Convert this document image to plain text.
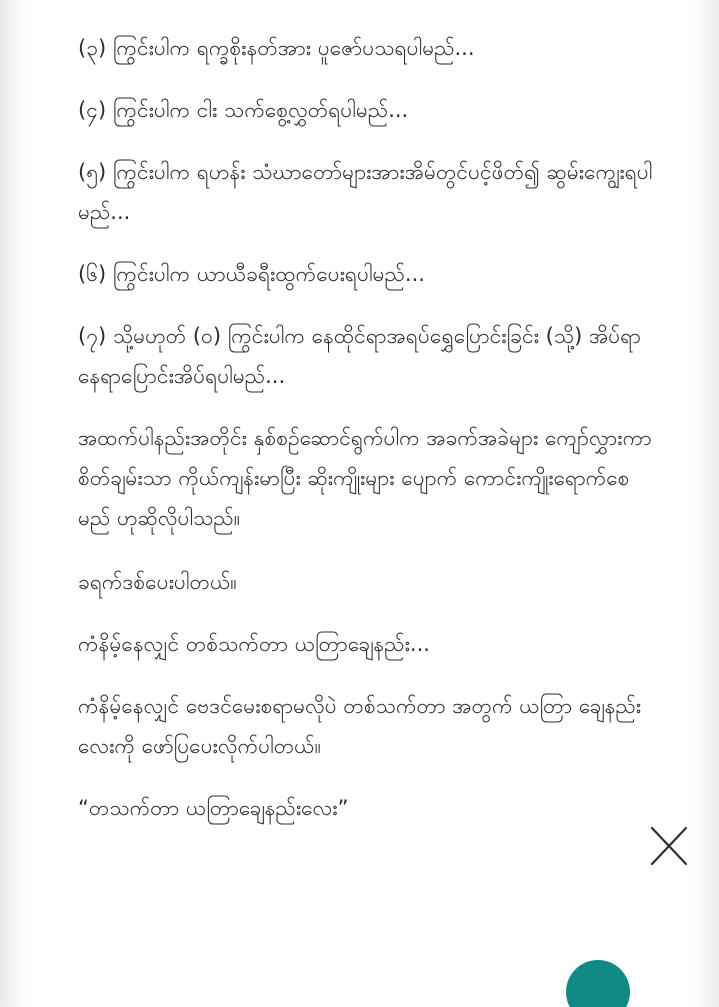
(၃) ကြွင်းပါက ရက္ခစိုးနတ်အား ပူဇော်ပသရပါမည်...

(၄) ကြွင်းပါက ငါး သက်စွေ့လွှတ်ရပါမည်...

(၅) ကြွင်းပါက ရဟန်း သံဃာတော်များအားအိမ်တွင်ပင့်ဖိတ်၍ ဆွမ်းကျွေးရပါမည်...

(၆) ကြွင်းပါက ယာယီခရီးထွက်ပေးရပါမည်...

(၇) သို့မဟုတ် (၀) ကြွင်းပါက နေထိုင်ရာအရပ်ရွှေပြောင်းခြင်း (သို့) အိပ်ရာနေရာပြောင်းအိပ်ရပါမည်...

အထက်ပါနည်းအတိုင်း နှစ်စဉ်ဆောင်ရွက်ပါက အခက်အခဲများ ကျော်လွှားကာ စိတ်ချမ်းသာ ကိုယ်ကျန်းမာပြီး ဆိုးကျိုးများ ပျောက် ကောင်းကျိုးရောက်စေမည် ဟုဆိုလိုပါသည်။

ခရက်ဒစ်ပေးပါတယ်။

ကံနိမ့်နေလျှင် တစ်သက်တာ ယတြာချေနည်း...

ကံနိမ့်နေလျှင် ဗေဒင်မေးစရာမလိုပဲ တစ်သက်တာ အတွက် ယတြာ ချေနည်းလေးကို ဖော်ပြပေးလိုက်ပါတယ်။

“တသက်တာ ယတြာချေနည်းလေး”
